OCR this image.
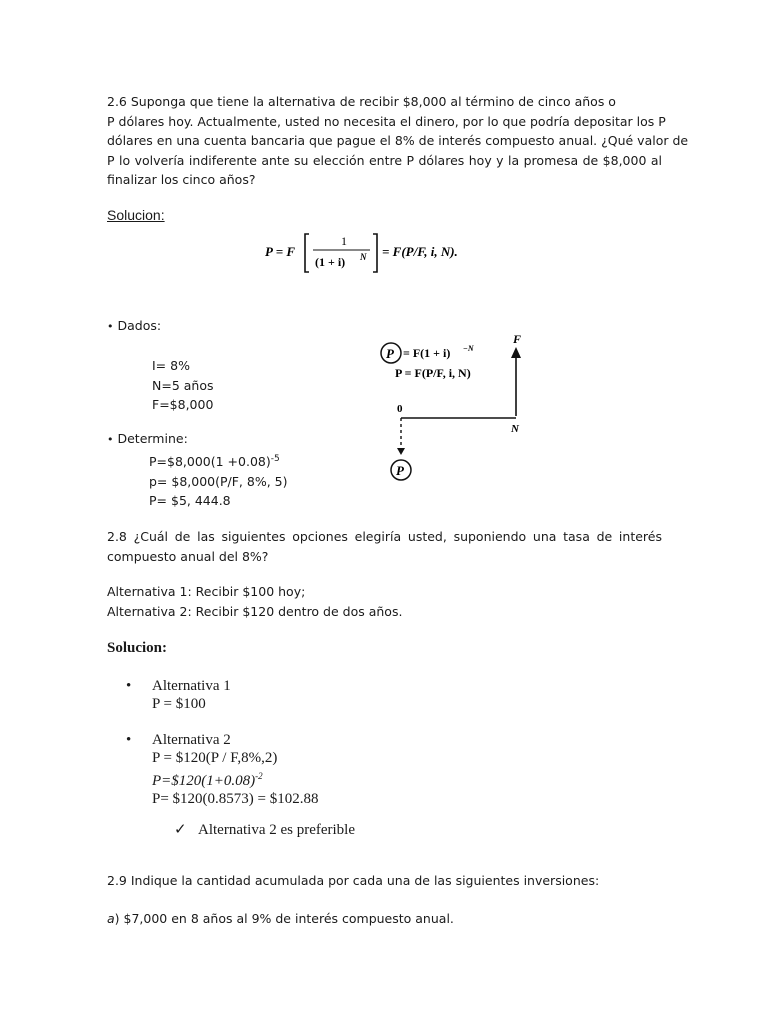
2.6 Suponga que tiene la alternativa de recibir $8,000 al término de cinco años o
P dólares hoy. Actualmente, usted no necesita el dinero, por lo que podría depositar los P
dólares en una cuenta bancaria que pague el 8% de interés compuesto anual. ¿Qué valor de
P lo volvería indiferente ante su elección entre P dólares hoy y la promesa de $8,000 al
finalizar los cinco años?
Solucion:
P = F
1
(1 + i) N = F(P/F, i, N).
• Dados:
I= 8%
N=5 años
F=$8,000
• Determine:
P=$8,000(1 +0.08)$^{-5}$
p= $8,000(P/F, 8%, 5)
P= $5, 444.8
P = F(1 + i) −N
P = F(P/F, i, N)
F
0
N
P
2.8 ¿Cuál de las siguientes opciones elegiría usted, suponiendo una tasa de interés
compuesto anual del 8%?
Alternativa 1: Recibir $100 hoy;
Alternativa 2: Recibir $120 dentro de dos años.
Solucion:
• Alternativa 1
P = $100
• Alternativa 2
P = $120(P / F,8%,2)
$P=\$120(1+0.08)^{-2}$
P= $120(0.8573) = $102.88
✓ Alternativa 2 es preferible
2.9 Indique la cantidad acumulada por cada una de las siguientes inversiones:
a) $7,000 en 8 años al 9% de interés compuesto anual.
